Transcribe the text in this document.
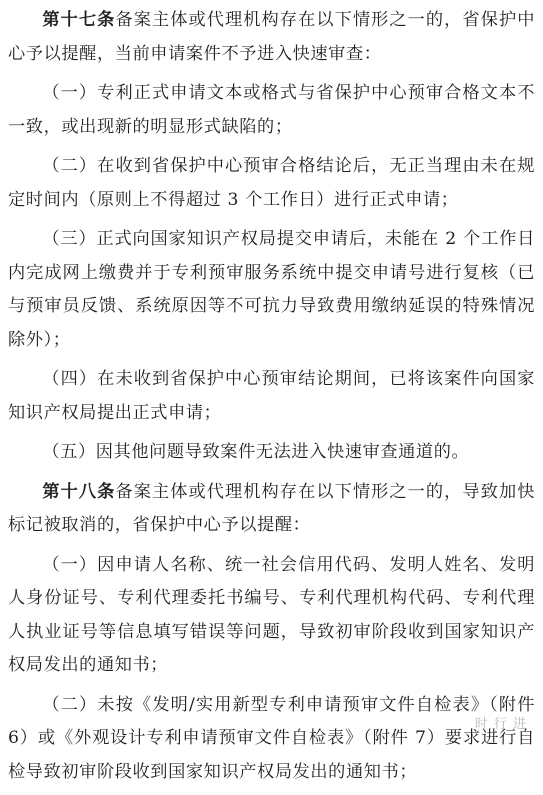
第十七条备案主体或代理机构存在以下情形之一的，省保护中心予以提醒，当前申请案件不予进入快速审查：

（一）专利正式申请文本或格式与省保护中心预审合格文本不一致，或出现新的明显形式缺陷的；

（二）在收到省保护中心预审合格结论后，无正当理由未在规定时间内（原则上不得超过 3 个工作日）进行正式申请；

（三）正式向国家知识产权局提交申请后，未能在 2 个工作日内完成网上缴费并于专利预审服务系统中提交申请号进行复核（已与预审员反馈、系统原因等不可抗力导致费用缴纳延误的特殊情况除外）；

（四）在未收到省保护中心预审结论期间，已将该案件向国家知识产权局提出正式申请；

（五）因其他问题导致案件无法进入快速审查通道的。

第十八条备案主体或代理机构存在以下情形之一的，导致加快标记被取消的，省保护中心予以提醒：

（一）因申请人名称、统一社会信用代码、发明人姓名、发明人身份证号、专利代理委托书编号、专利代理机构代码、专利代理人执业证号等信息填写错误等问题，导致初审阶段收到国家知识产权局发出的通知书；

（二）未按《发明/实用新型专利申请预审文件自检表》（附件 6）或《外观设计专利申请预审文件自检表》（附件 7）要求进行自检导致初审阶段收到国家知识产权局发出的通知书；

时 行 进
